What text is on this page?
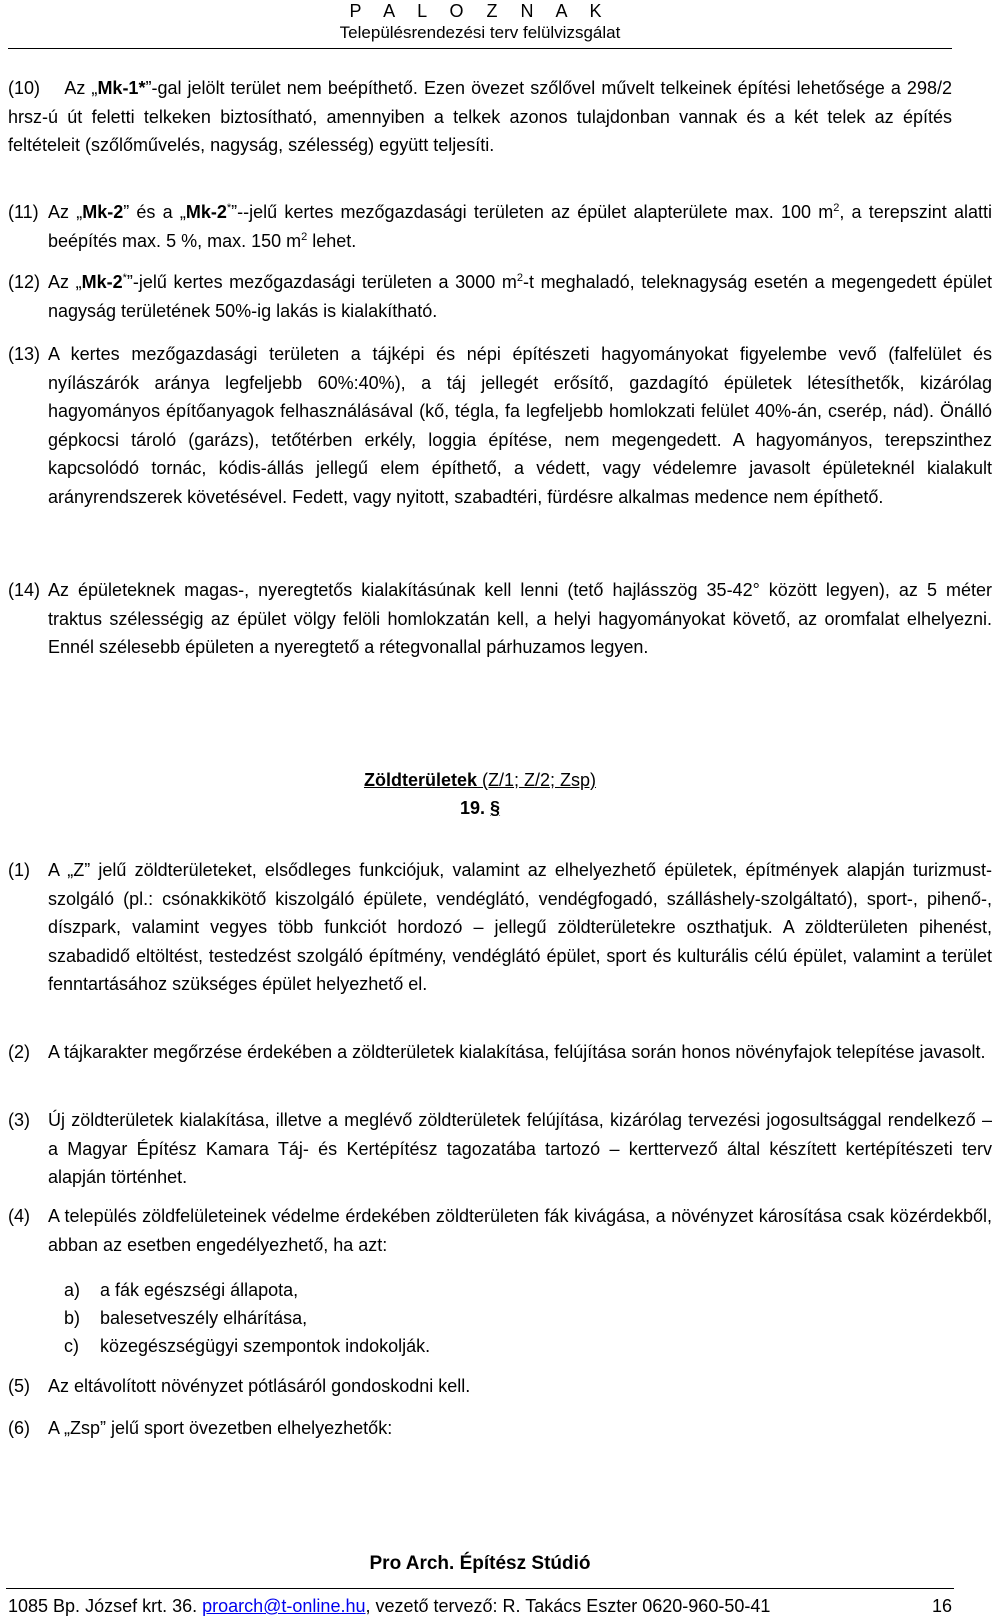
P A L O Z N A K
Településrendezési terv felülvizsgálat
(10) Az „Mk-1*”-gal jelölt terület nem beépíthető. Ezen övezet szőlővel művelt telkeinek építési lehetősége a 298/2 hrsz-ú út feletti telkeken biztosítható, amennyiben a telkek azonos tulajdonban vannak és a két telek az építés feltételeit (szőlőművelés, nagyság, szélesség) együtt teljesíti.
(11) Az „Mk-2” és a „Mk-2*”--jelű kertes mezőgazdasági területen az épület alapterülete max. 100 $m^2$, a terepszint alatti beépítés max. 5 %, max. 150 $m^2$ lehet.
(12) Az „Mk-2*”-jelű kertes mezőgazdasági területen a 3000 $m^2-t$ meghaladó, teleknagyság esetén a megengedett épület nagyság területének 50%-ig lakás is kialakítható.
(13) A kertes mezőgazdasági területen a tájképi és népi építészeti hagyományokat figyelembe vevő (falfelület és nyílászárók aránya legfeljebb 60%:40%), a táj jellegét erősítő, gazdagító épületek létesíthetők, kizárólag hagyományos építőanyagok felhasználásával (kő, tégla, fa legfeljebb homlokzati felület 40%-án, cserép, nád). Önálló gépkocsi tároló (garázs), tetőtérben erkély, loggia építése, nem megengedett. A hagyományos, terepszinthez kapcsolódó tornác, kódis-állás jellegű elem építhető, a védett, vagy védelemre javasolt épületeknél kialakult arányrendszerek követésével. Fedett, vagy nyitott, szabadtéri, fürdésre alkalmas medence nem építhető.
(14) Az épületeknek magas-, nyeregtetős kialakításúnak kell lenni (tető hajlásszög 35-42° között legyen), az 5 méter traktus szélességig az épület völgy felöli homlokzatán kell, a helyi hagyományokat követő, az oromfalat elhelyezni. Ennél szélesebb épületen a nyeregtető a rétegvonallal párhuzamos legyen.
Zöldterületek (Z/1; Z/2; Zsp)
19. §
(1) A „Z” jelű zöldterületeket, elsődleges funkciójuk, valamint az elhelyezhető épületek, építmények alapján turizmust-szolgáló (pl.: csónakkikötő kiszolgáló épülete, vendéglátó, vendégfogadó, szálláshely-szolgáltató), sport-, pihenő-, díszpark, valamint vegyes több funkciót hordozó – jellegű zöldterületekre oszthatjuk. A zöldterületen pihenést, szabadidő eltöltést, testedzést szolgáló építmény, vendéglátó épület, sport és kulturális célú épület, valamint a terület fenntartásához szükséges épület helyezhető el.
(2) A tájkarakter megőrzése érdekében a zöldterületek kialakítása, felújítása során honos növényfajok telepítése javasolt.
(3) Új zöldterületek kialakítása, illetve a meglévő zöldterületek felújítása, kizárólag tervezési jogosultsággal rendelkező – a Magyar Építész Kamara Táj- és Kertépítész tagozatába tartozó – kerttervező által készített kertépítészeti terv alapján történhet.
(4) A település zöldfelületeinek védelme érdekében zöldterületen fák kivágása, a növényzet károsítása csak közérdekből, abban az esetben engedélyezhető, ha azt:
a) a fák egészségi állapota,
b) balesetveszély elhárítása,
c) közegészségügyi szempontok indokolják.
(5) Az eltávolított növényzet pótlásáról gondoskodni kell.
(6) A „Zsp” jelű sport övezetben elhelyezhetők:
Pro Arch. Építész Stúdió
1085 Bp. József krt. 36. proarch@t-online.hu, vezető tervező: R. Takács Eszter 0620-960-50-41	16
